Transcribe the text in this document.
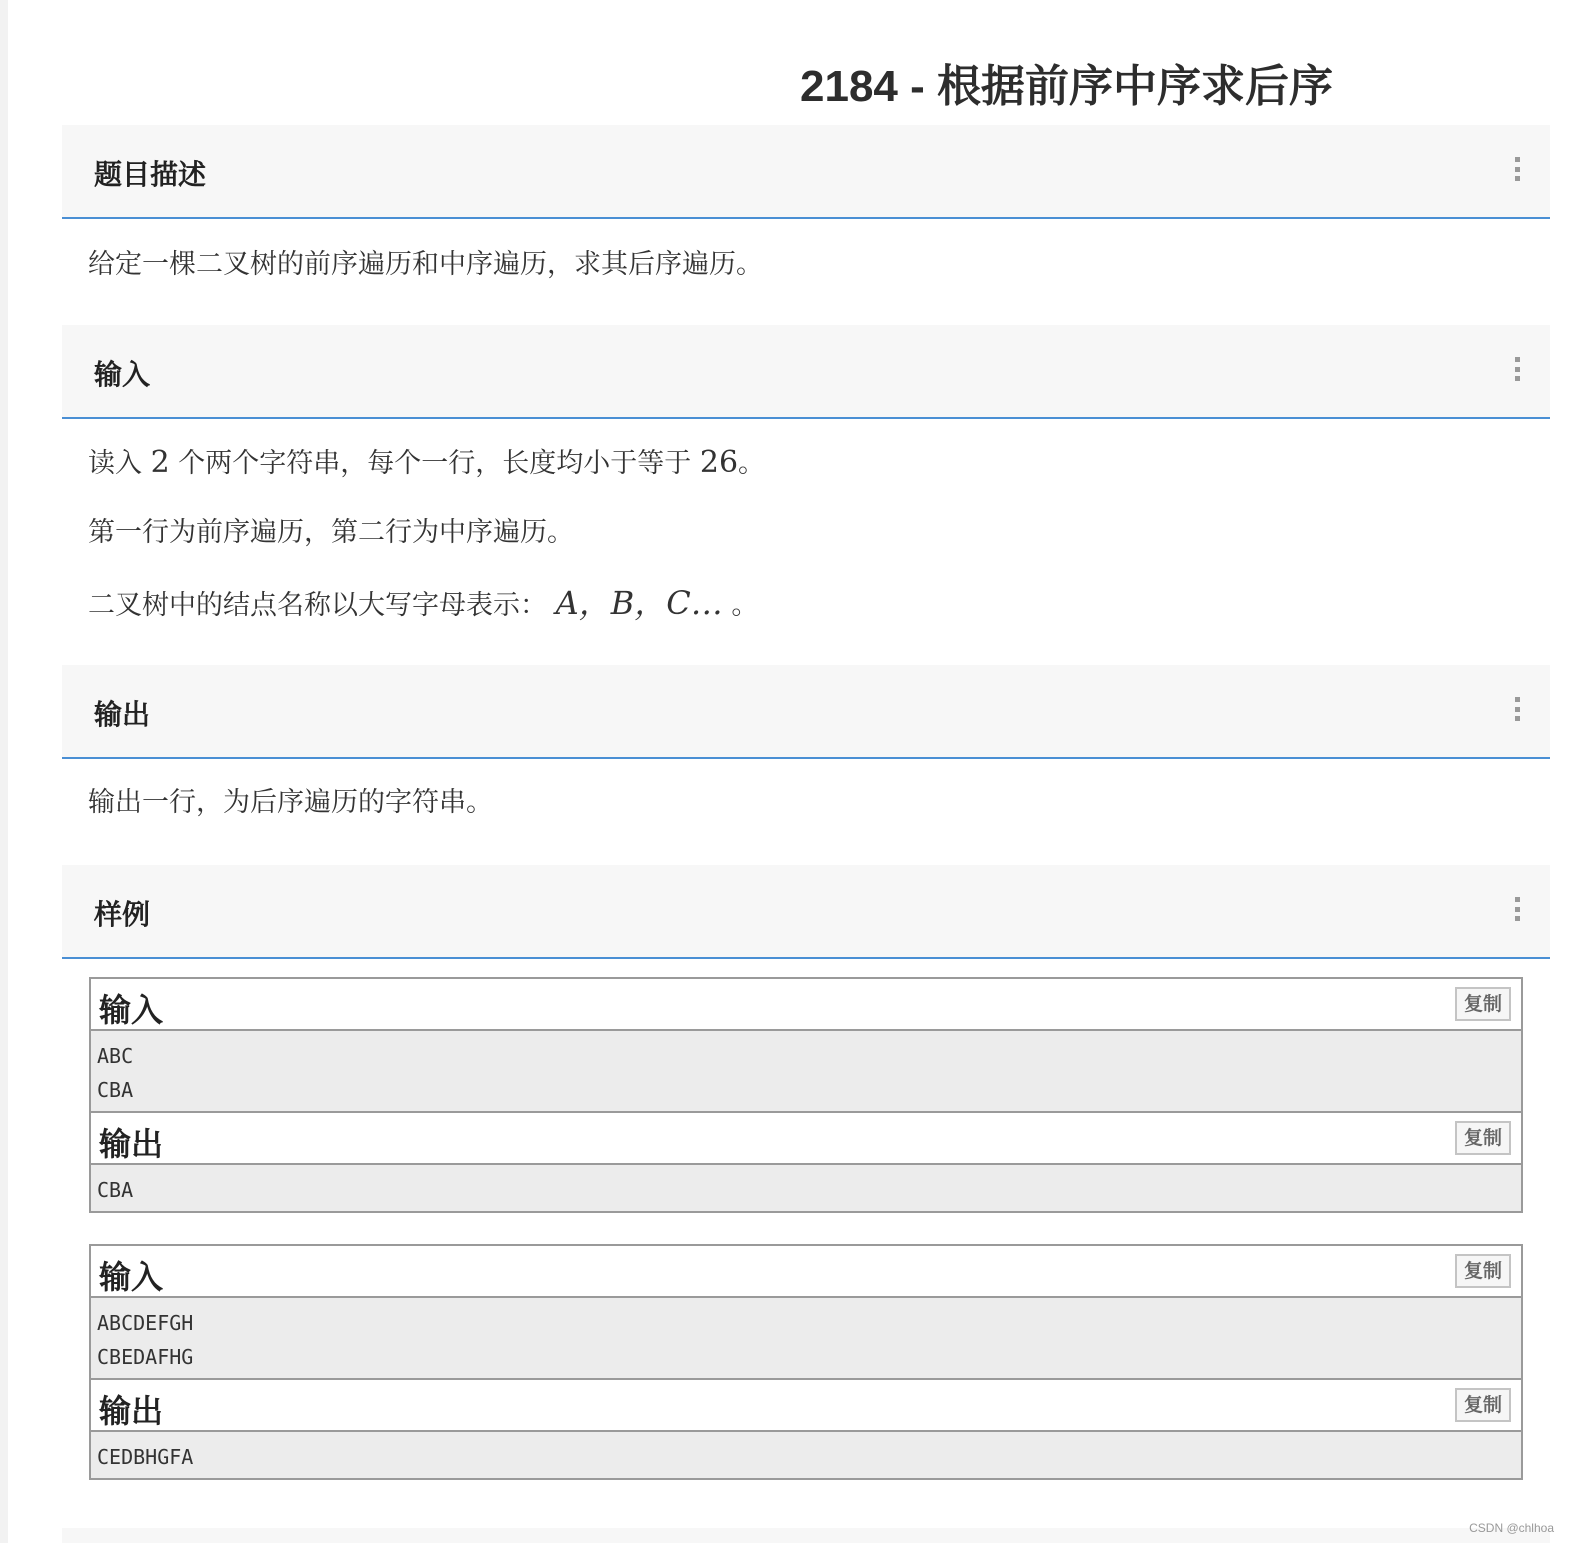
2184 - 根据前序中序求后序
题目描述
给定一棵二叉树的前序遍历和中序遍历，求其后序遍历。
输入
读入 2 个两个字符串，每个一行，长度均小于等于 26。
第一行为前序遍历，第二行为中序遍历。
二叉树中的结点名称以大写字母表示： A，B，C… 。
输出
输出一行，为后序遍历的字符串。
样例
输入	复制
ABC
CBA
输出	复制
CBA
输入	复制
ABCDEFGH
CBEDAFHG
输出	复制
CEDBHGFA
CSDN @chlhoa
